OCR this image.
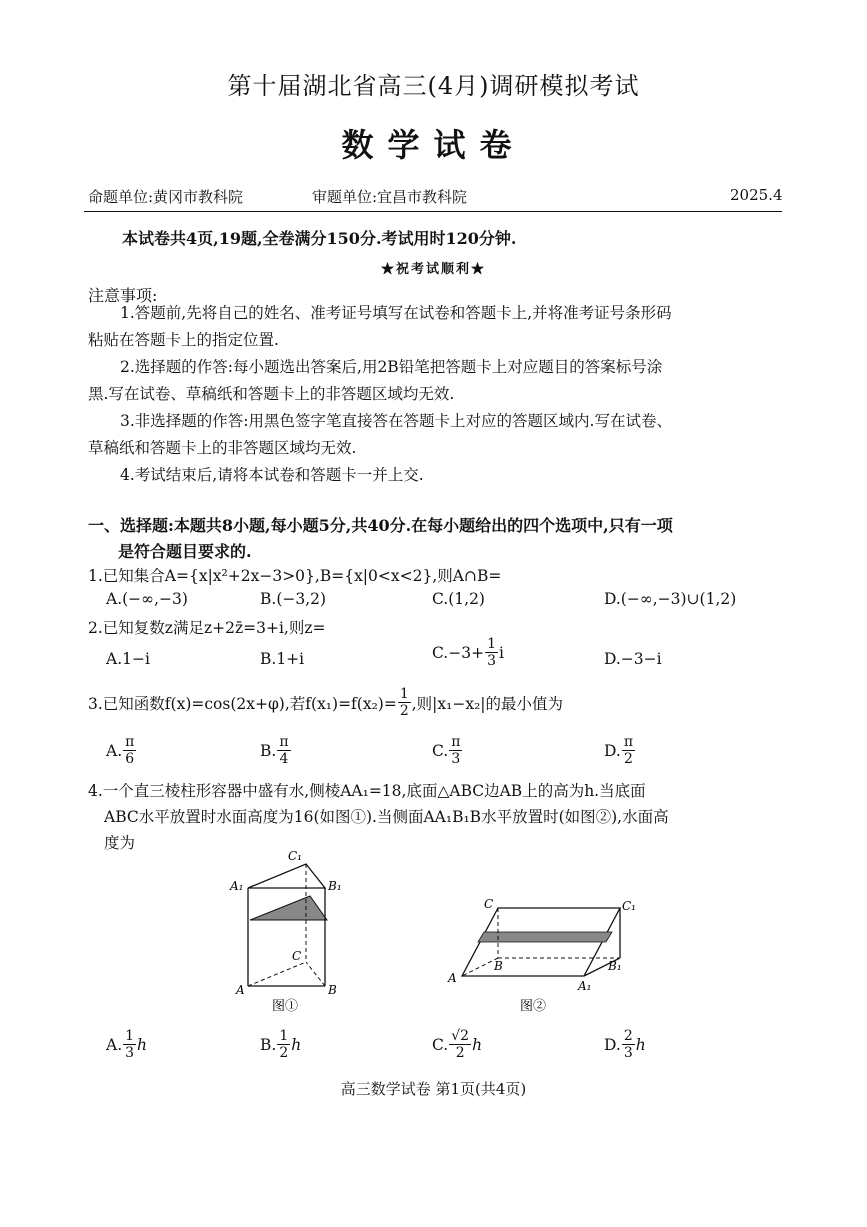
第十届湖北省高三(4月)调研模拟考试
数学试卷
命题单位:黄冈市教科院	审题单位:宜昌市教科院	2025.4
本试卷共4页,19题,全卷满分150分.考试用时120分钟.
★祝考试顺利★
注意事项:
1.答题前,先将自己的姓名、准考证号填写在试卷和答题卡上,并将准考证号条形码
粘贴在答题卡上的指定位置.
2.选择题的作答:每小题选出答案后,用2B铅笔把答题卡上对应题目的答案标号涂
黑.写在试卷、草稿纸和答题卡上的非答题区域均无效.
3.非选择题的作答:用黑色签字笔直接答在答题卡上对应的答题区域内.写在试卷、
草稿纸和答题卡上的非答题区域均无效.
4.考试结束后,请将本试卷和答题卡一并上交.
一、选择题:本题共8小题,每小题5分,共40分.在每小题给出的四个选项中,只有一项
是符合题目要求的.
1.已知集合A={x|x²+2x−3>0},B={x|0<x<2},则A∩B=
A.(−∞,−3)	B.(−3,2)	C.(1,2)	D.(−∞,−3)∪(1,2)
2.已知复数z满足z+2z̄=3+i,则z=
A.1−i	B.1+i	$C.-3+ \frac{1}{3}$ i	D.−3−i
3.已知函数f(x)=cos(2x+φ),若$f(x_1)=f(x_2)= \frac{1}{2}$ ,则|x₁−x₂|的最小值为
A. $\frac{\pi}{6}$	B. $\frac{\pi}{4}$	C. $\frac{\pi}{3}$	D. $\frac{\pi}{2}$
4.一个直三棱柱形容器中盛有水,侧棱AA₁=18,底面△ABC边AB上的高为h.当底面
ABC水平放置时水面高度为16(如图①).当侧面AA₁B₁B水平放置时(如图②),水面高
度为
C₁
A₁	B₁
C
A	B
图①
C	C₁
B	B₁
A
A₁
图②
A. $\frac{1}{3}$ h	B. $\frac{1}{2}$ h	C. $\frac{√2}{2}$ h	D. $\frac{2}{3}$ h
高三数学试卷 第1页(共4页)
